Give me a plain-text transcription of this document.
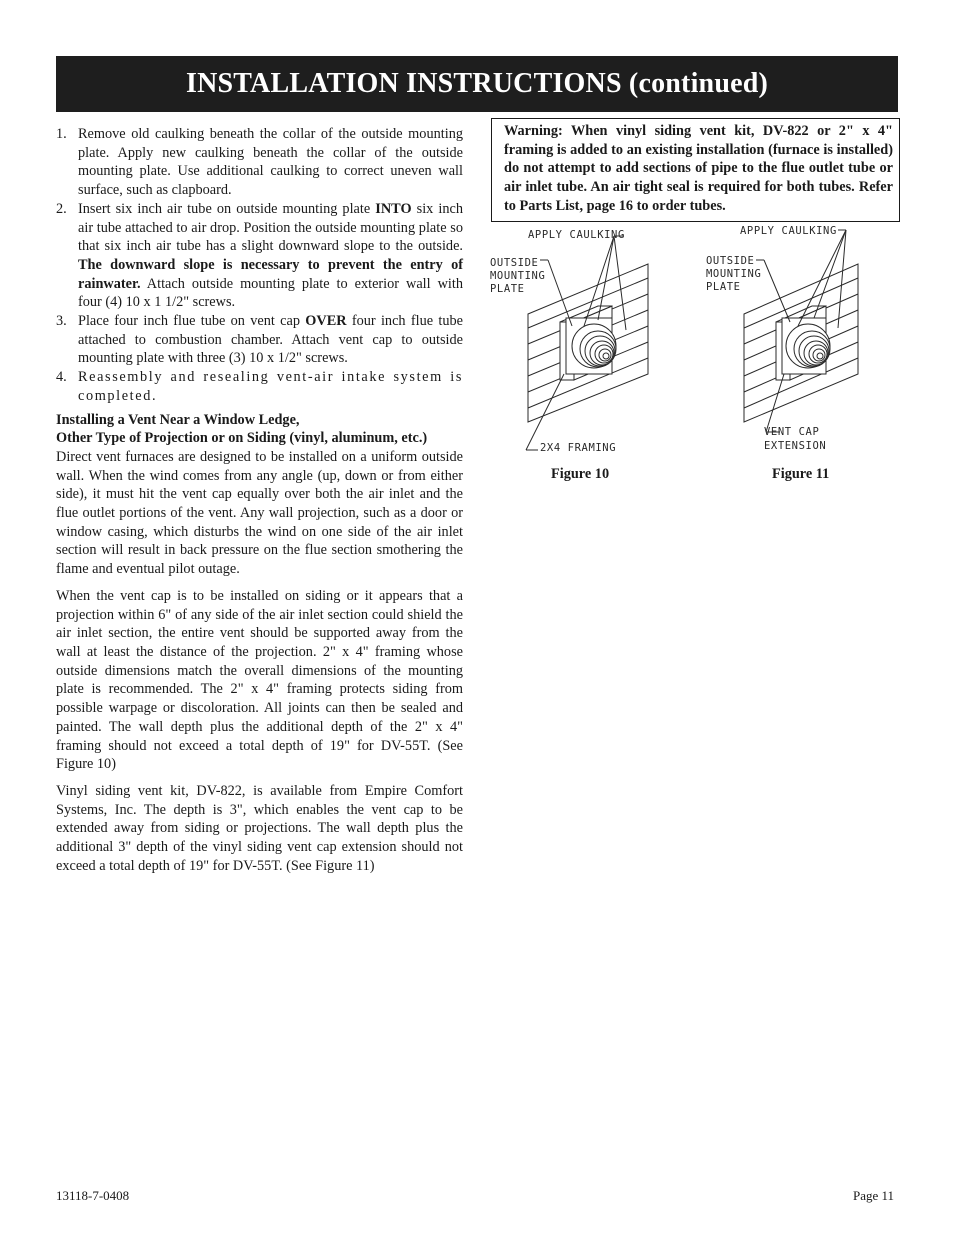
INSTALLATION INSTRUCTIONS (continued)
1. Remove old caulking beneath the collar of the outside mounting plate. Apply new caulking beneath the collar of the outside mounting plate. Use additional caulking to correct uneven wall surface, such as clapboard.
2. Insert six inch air tube on outside mounting plate INTO six inch air tube attached to air drop. Position the outside mounting plate so that six inch air tube has a slight downward slope to the outside. The downward slope is necessary to prevent the entry of rainwater. Attach outside mounting plate to exterior wall with four (4) 10 x 1 1/2" screws.
3. Place four inch flue tube on vent cap OVER four inch flue tube attached to combustion chamber. Attach vent cap to outside mounting plate with three (3) 10 x 1/2" screws.
4. Reassembly and resealing vent-air intake system is completed.

Installing a Vent Near a Window Ledge,

Other Type of Projection or on Siding (vinyl, aluminum, etc.)

Direct vent furnaces are designed to be installed on a uniform outside wall. When the wind comes from any angle (up, down or from either side), it must hit the vent cap equally over both the air inlet and the flue outlet portions of the vent. Any wall projection, such as a door or window casing, which disturbs the wind on one side of the air inlet section will result in back pressure on the flue section smothering the flame and eventual pilot outage.

When the vent cap is to be installed on siding or it appears that a projection within 6" of any side of the air inlet section could shield the air inlet section, the entire vent should be supported away from the wall at least the distance of the projection. 2" x 4" framing whose outside dimensions match the overall dimensions of the mounting plate is recommended. The 2" x 4" framing protects siding from possible warpage or discoloration. All joints can then be sealed and painted. The wall depth plus the additional depth of the 2" x 4" framing should not exceed a total depth of 19" for DV-55T. (See Figure 10)

Vinyl siding vent kit, DV-822, is available from Empire Comfort Systems, Inc. The depth is 3", which enables the vent cap to be extended away from siding or projections. The wall depth plus the additional 3" depth of the vinyl siding vent cap extension should not exceed a total depth of 19" for DV-55T. (See Figure 11)

Warning: When vinyl siding vent kit, DV-822 or 2" x 4" framing is added to an existing installation (furnace is installed) do not attempt to add sections of pipe to the flue outlet tube or air inlet tube. An air tight seal is required for both tubes. Refer to Parts List, page 16 to order tubes.
APPLY CAULKING
OUTSIDE
MOUNTING
PLATE
2X4 FRAMING
APPLY CAULKING
OUTSIDE
MOUNTING
PLATE
VENT CAP
EXTENSION
Figure 10	Figure 11
13118-7-0408	Page 11
